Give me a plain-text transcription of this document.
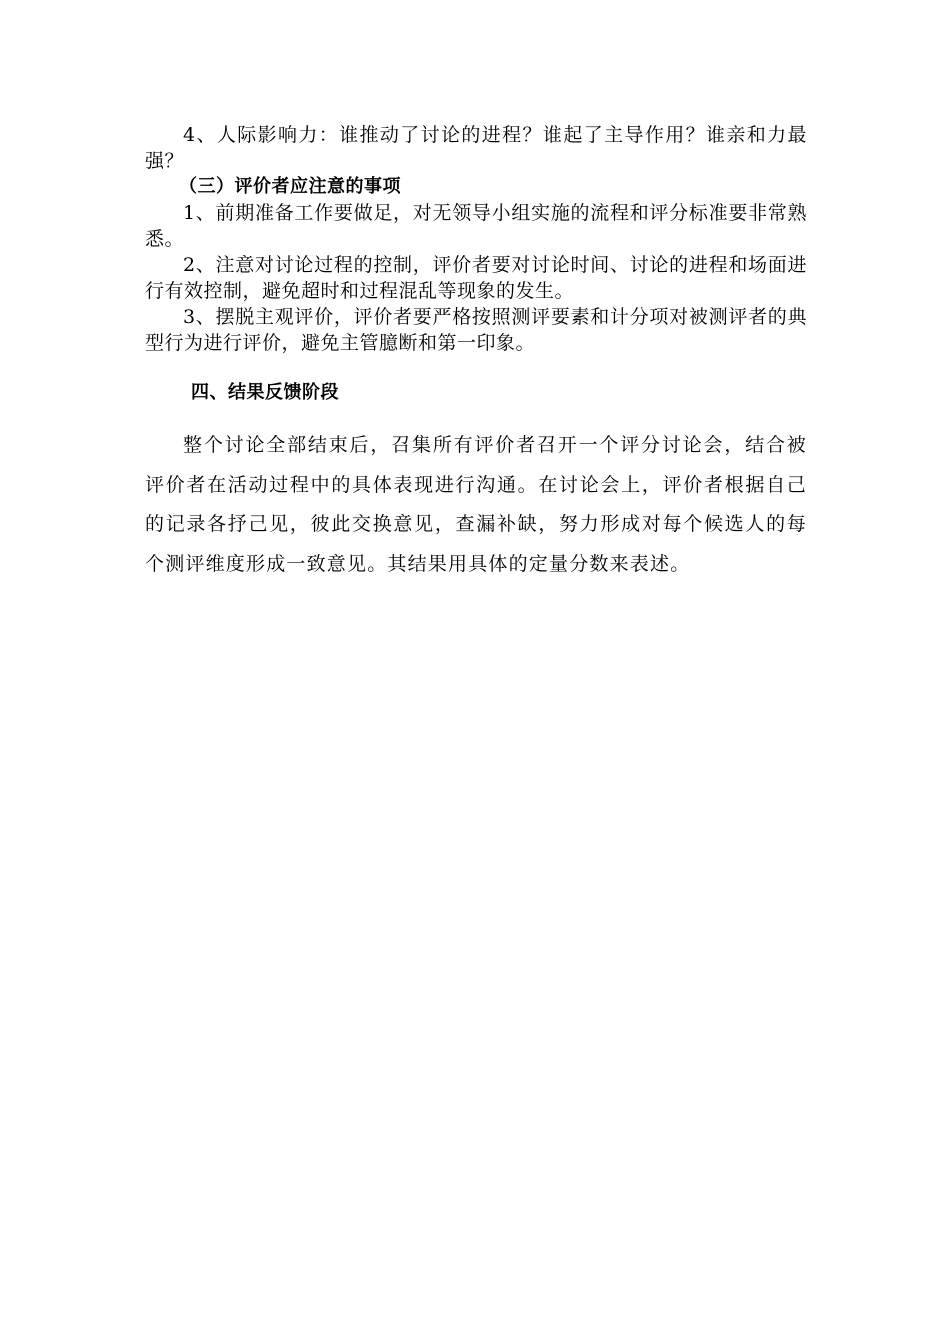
4、人际影响力：谁推动了讨论的进程？谁起了主导作用？谁亲和力最强？

（三）评价者应注意的事项

1、前期准备工作要做足，对无领导小组实施的流程和评分标准要非常熟悉。

2、注意对讨论过程的控制，评价者要对讨论时间、讨论的进程和场面进行有效控制，避免超时和过程混乱等现象的发生。

3、摆脱主观评价，评价者要严格按照测评要素和计分项对被测评者的典型行为进行评价，避免主管臆断和第一印象。

四、结果反馈阶段

整个讨论全部结束后，召集所有评价者召开一个评分讨论会，结合被评价者在活动过程中的具体表现进行沟通。在讨论会上，评价者根据自己的记录各抒己见，彼此交换意见，查漏补缺，努力形成对每个候选人的每个测评维度形成一致意见。其结果用具体的定量分数来表述。
